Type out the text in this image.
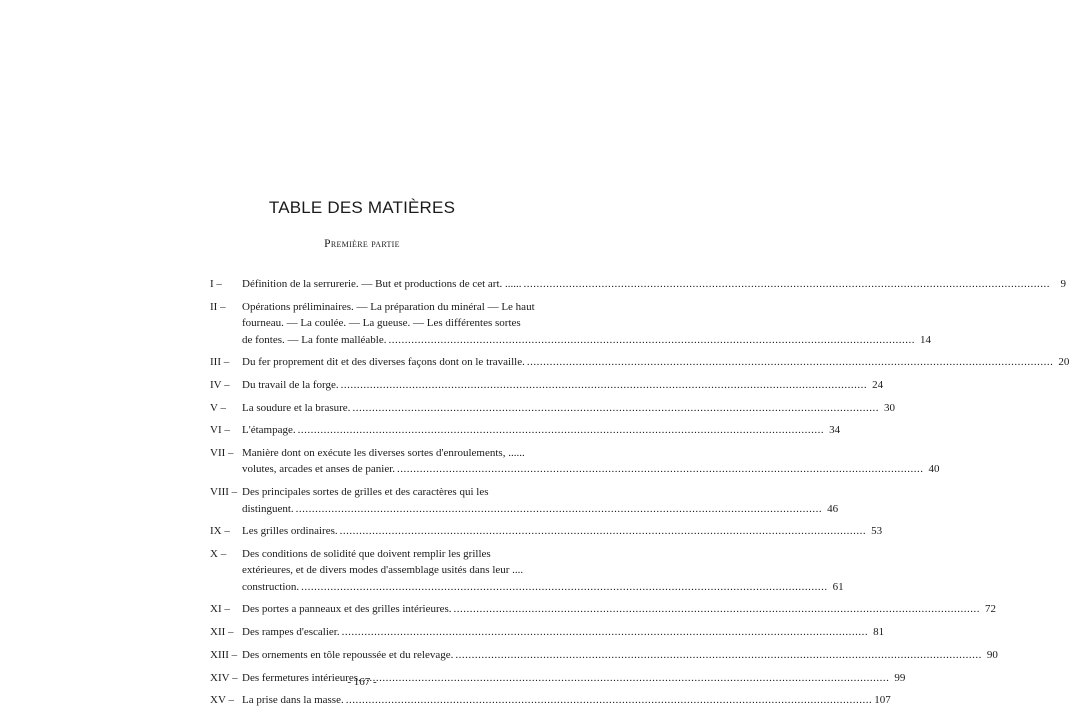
TABLE DES MATIÈRES
Première partie
I –	Définition de la serrurerie. — But et productions de cet art. ...... .....	9
II –	Opérations préliminaires. — La préparation du minéral — Le haut
fourneau. — La coulée. — La gueuse. — Les différentes sortes
de fontes. — La fonte malléable. .....	14
III –	Du fer proprement dit et des diverses façons dont on le travaille. .....	20
IV –	Du travail de la forge. .....	24
V –	La soudure et la brasure. .....	30
VI –	L'étampage. .....	34
VII – Manière dont on exécute les diverses sortes d'enroulements, ......
volutes, arcades et anses de panier. .....	40
VIII – Des principales sortes de grilles et des caractères qui les
distinguent. .....	46
IX –	Les grilles ordinaires. .....	53
X –	Des conditions de solidité que doivent remplir les grilles
extérieures, et de divers modes d'assemblage usités dans leur ....
construction. .....	61
XI –	Des portes a panneaux et des grilles intérieures. .....	72
XII – Des rampes d'escalier. .....	81
XIII – Des ornements en tôle repoussée et du relevage. .....	90
XIV – Des fermetures intérieures. .....	99
XV – La prise dans la masse. .....	107
- 167 -
